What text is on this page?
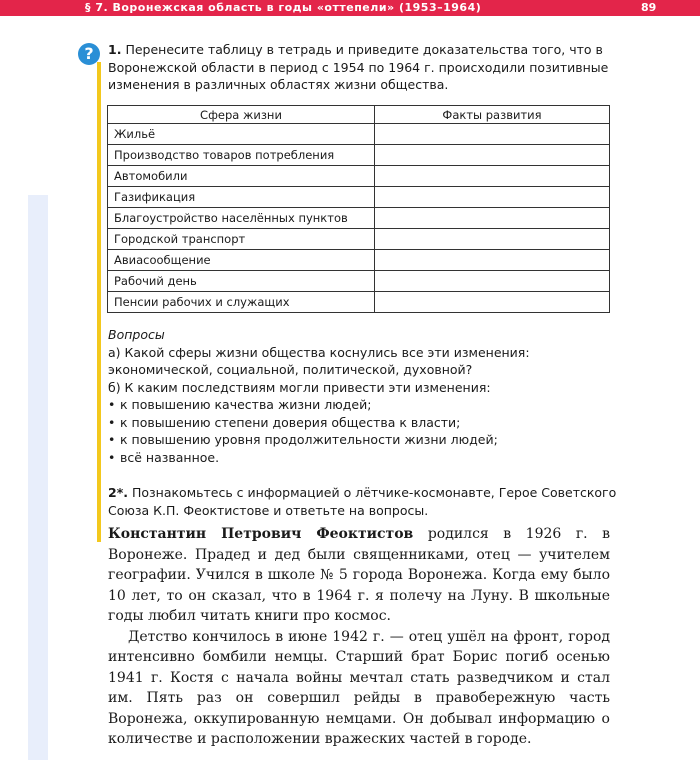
§ 7. Воронежская область в годы «оттепели» (1953–1964)	89
?	1. Перенесите таблицу в тетрадь и приведите доказательства того, что в Воронежской области в период с 1954 по 1964 г. происходили позитивные изменения в различных областях жизни общества.
Сфера жизни	Факты развития
Жильё	
Производство товаров потребления	
Автомобили	
Газификация	
Благоустройство населённых пунктов	
Городской транспорт	
Авиасообщение	
Рабочий день	
Пенсии рабочих и служащих	

Вопросы

а) Какой сферы жизни общества коснулись все эти изменения: экономической, социальной, политической, духовной?

б) К каким последствиям могли привести эти изменения:

• к повышению качества жизни людей;
• к повышению степени доверия общества к власти;
• к повышению уровня продолжительности жизни людей;
• всё названное.
2*. Познакомьтесь с информацией о лётчике-космонавте, Герое Советского Союза К.П. Феоктистове и ответьте на вопросы.

Константин Петрович Феоктистов родился в 1926 г. в Воронеже. Прадед и дед были священниками, отец — учителем географии. Учился в школе № 5 города Воронежа. Когда ему было 10 лет, то он сказал, что в 1964 г. я полечу на Луну. В школьные годы любил читать книги про космос.

Детство кончилось в июне 1942 г. — отец ушёл на фронт, город интенсивно бомбили немцы. Старший брат Борис погиб осенью 1941 г. Костя с начала войны мечтал стать разведчиком и стал им. Пять раз он совершил рейды в правобережную часть Воронежа, оккупированную немцами. Он добывал информацию о количестве и расположении вражеских частей в городе.
